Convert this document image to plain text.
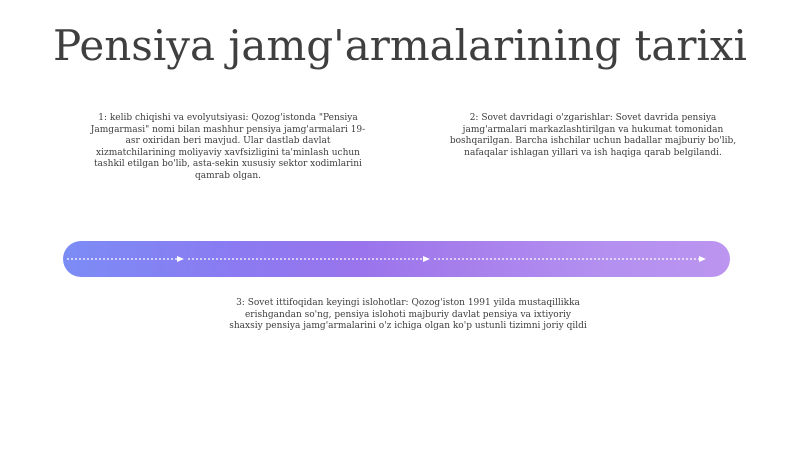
Pensiya jamg'armalarining tarixi
1: kelib chiqishi va evolyutsiyasi: Qozog'istonda "Pensiya Jamgarmasi" nomi bilan mashhur pensiya jamg'armalari 19-asr oxiridan beri mavjud. Ular dastlab davlat xizmatchilarining moliyaviy xavfsizligini ta'minlash uchun tashkil etilgan bo'lib, asta-sekin xususiy sektor xodimlarini qamrab olgan.
2: Sovet davridagi o'zgarishlar: Sovet davrida pensiya jamg'armalari markazlashtirilgan va hukumat tomonidan boshqarilgan. Barcha ishchilar uchun badallar majburiy bo'lib, nafaqalar ishlagan yillari va ish haqiga qarab belgilandi.
3: Sovet ittifoqidan keyingi islohotlar: Qozog'iston 1991 yilda mustaqillikka erishgandan so'ng, pensiya islohoti majburiy davlat pensiya va ixtiyoriy shaxsiy pensiya jamg'armalarini o'z ichiga olgan ko'p ustunli tizimni joriy qildi
